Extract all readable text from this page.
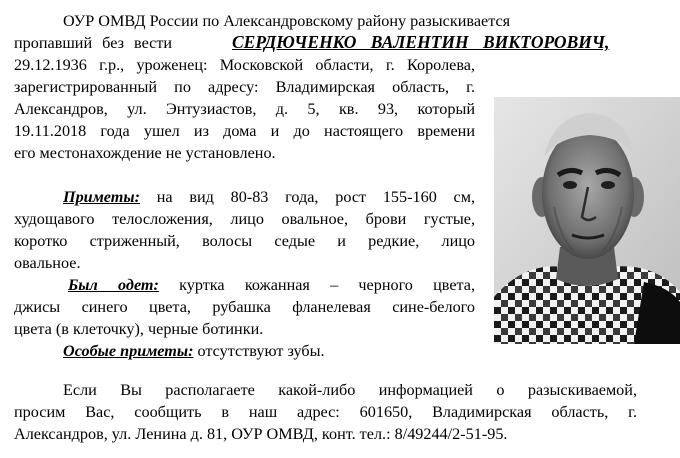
ОУР ОМВД России по Александровскому району разыскивается
пропавший без вести	СЕРДЮЧЕНКО ВАЛЕНТИН ВИКТОРОВИЧ,
29.12.1936 г.р., уроженец: Московской области, г. Королева,
зарегистрированный по адресу: Владимирская область, г.
Александров, ул. Энтузиастов, д. 5, кв. 93, который
19.11.2018 года ушел из дома и до настоящего времени
его местонахождение не установлено.
Приметы: на вид 80-83 года, рост 155-160 см,
худощавого телосложения, лицо овальное, брови густые,
коротко стриженный, волосы седые и редкие, лицо
овальное.
Был одет: куртка кожанная – черного цвета,
джисы синего цвета, рубашка фланелевая сине-белого
цвета (в клеточку), черные ботинки.
Особые приметы: отсутствуют зубы.
Если Вы располагаете какой-либо информацией о разыскиваемой,
просим Вас, сообщить в наш адрес: 601650, Владимирская область, г.
Александров, ул. Ленина д. 81, ОУР ОМВД, конт. тел.: 8/49244/2-51-95.
